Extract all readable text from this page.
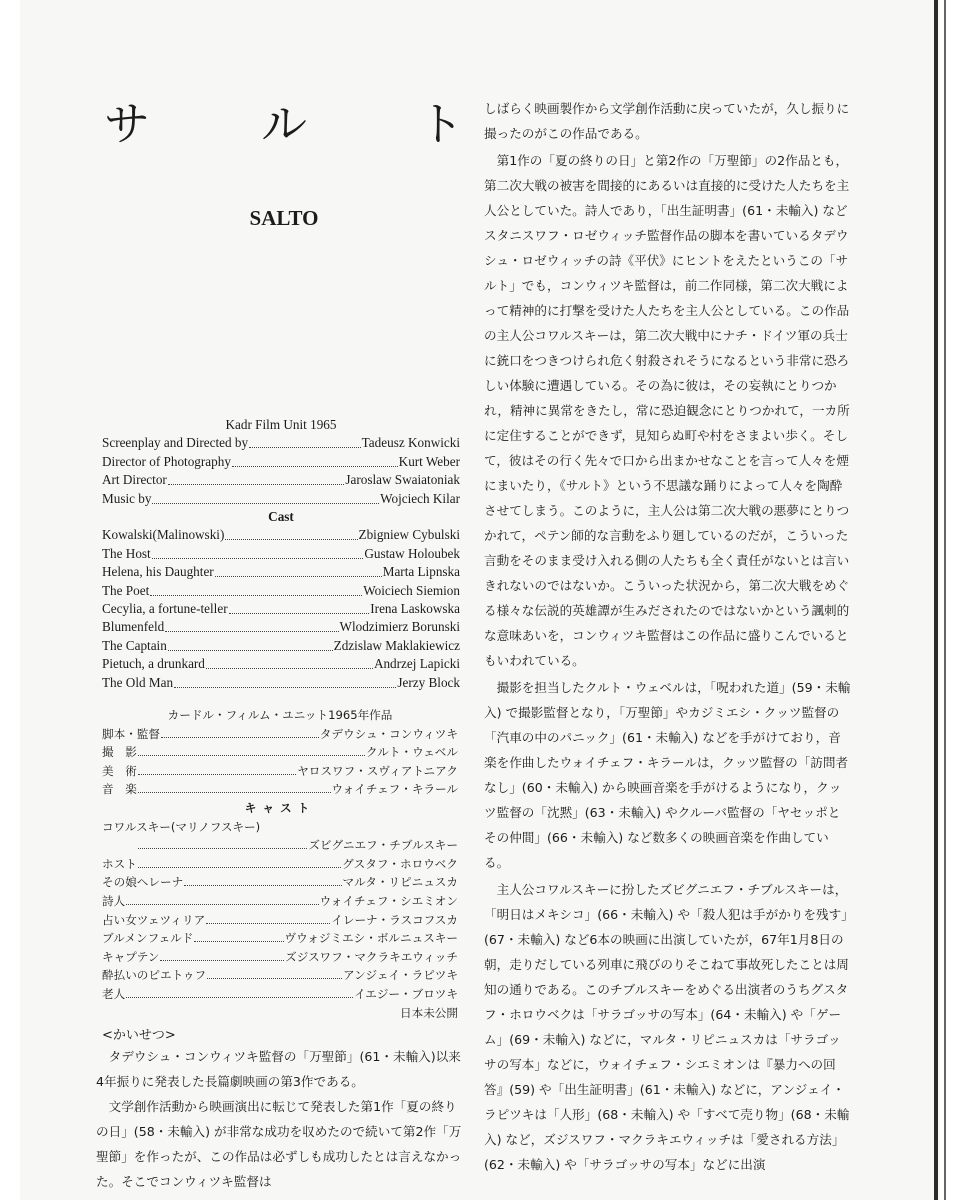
サ ル ト
SALTO
Kadr Film Unit 1965
Screenplay and Directed by	Tadeusz Konwicki
Director of Photography	Kurt Weber
Art Director	Jaroslaw Swaiatoniak
Music by	Wojciech Kilar
Cast
Kowalski(Malinowski)	Zbigniew Cybulski
The Host	Gustaw Holoubek
Helena, his Daughter	Marta Lipnska
The Poet	Woiciech Siemion
Cecylia, a fortune-teller	Irena Laskowska
Blumenfeld	Wlodzimierz Borunski
The Captain	Zdzislaw Maklakiewicz
Pietuch, a drunkard	Andrzej Lapicki
The Old Man	Jerzy Block
カードル・フィルム・ユニット1965年作品
脚本・監督	タデウシュ・コンウィツキ
撮　影	クルト・ウェベル
美　術	ヤロスワフ・スヴィアトニアク
音　楽	ウォイチェフ・キラール
キャスト
コワルスキー(マリノフスキー)

ズビグニエフ・チブルスキー
ホスト	グスタフ・ホロウベク
その娘ヘレーナ	マルタ・リピニュスカ
詩人	ウォイチェフ・シエミオン
占い女ツェツィリア	イレーナ・ラスコフスカ
ブルメンフェルド	ヴウォジミエシ・ボルニュスキー
キャプテン	ズジスワフ・マクラキエウィッチ
酔払いのピエトゥフ	アンジェイ・ラピツキ
老人	イエジー・ブロツキ
日本未公開
<かいせつ>

タデウシュ・コンウィツキ監督の「万聖節」(61・未輸入)以来4年振りに発表した長篇劇映画の第3作である。

文学創作活動から映画演出に転じて発表した第1作「夏の終りの日」(58・未輸入) が非常な成功を収めたので続いて第2作「万聖節」を作ったが、この作品は必ずしも成功したとは言えなかった。そこでコンウィツキ監督は

しばらく映画製作から文学創作活動に戻っていたが，久し振りに撮ったのがこの作品である。

第1作の「夏の終りの日」と第2作の「万聖節」の2作品とも，第二次大戦の被害を間接的にあるいは直接的に受けた人たちを主人公としていた。詩人であり，「出生証明書」(61・未輸入) などスタニスワフ・ロゼウィッチ監督作品の脚本を書いているタデウシュ・ロゼウィッチの詩《平伏》にヒントをえたというこの「サルト」でも，コンウィツキ監督は，前二作同様，第二次大戦によって精神的に打撃を受けた人たちを主人公としている。この作品の主人公コワルスキーは，第二次大戦中にナチ・ドイツ軍の兵士に銃口をつきつけられ危く射殺されそうになるという非常に恐ろしい体験に遭遇している。その為に彼は，その妄執にとりつかれ，精神に異常をきたし，常に恐迫観念にとりつかれて，一カ所に定住することができず，見知らぬ町や村をさまよい歩く。そして，彼はその行く先々で口から出まかせなことを言って人々を煙にまいたり，《サルト》という不思議な踊りによって人々を陶酔させてしまう。このように，主人公は第二次大戦の悪夢にとりつかれて，ペテン師的な言動をふり廻しているのだが，こういった言動をそのまま受け入れる側の人たちも全く責任がないとは言いきれないのではないか。こういった状況から，第二次大戦をめぐる様々な伝説的英雄譚が生みだされたのではないかという諷刺的な意味あいを，コンウィツキ監督はこの作品に盛りこんでいるともいわれている。

撮影を担当したクルト・ウェベルは，「呪われた道」(59・未輸入) で撮影監督となり，「万聖節」やカジミエシ・クッツ監督の「汽車の中のパニック」(61・未輸入) などを手がけており，音楽を作曲したウォイチェフ・キラールは，クッツ監督の「訪問者なし」(60・未輸入) から映画音楽を手がけるようになり，クッツ監督の「沈黙」(63・未輸入) やクルーバ監督の「ヤセッポとその仲間」(66・未輸入) など数多くの映画音楽を作曲している。

主人公コワルスキーに扮したズビグニエフ・チブルスキーは，「明日はメキシコ」(66・未輸入) や「殺人犯は手がかりを残す」(67・未輸入) など6本の映画に出演していたが，67年1月8日の朝，走りだしている列車に飛びのりそこねて事故死したことは周知の通りである。このチブルスキーをめぐる出演者のうちグスタフ・ホロウベクは「サラゴッサの写本」(64・未輸入) や「ゲーム」(69・未輸入) などに，マルタ・リピニュスカは「サラゴッサの写本」などに，ウォイチェフ・シエミオンは『暴力への回答』(59) や「出生証明書」(61・未輸入) などに，アンジェイ・ラピツキは「人形」(68・未輸入) や「すべて売り物」(68・未輸入) など，ズジスワフ・マクラキエウィッチは「愛される方法」(62・未輸入) や「サラゴッサの写本」などに出演
